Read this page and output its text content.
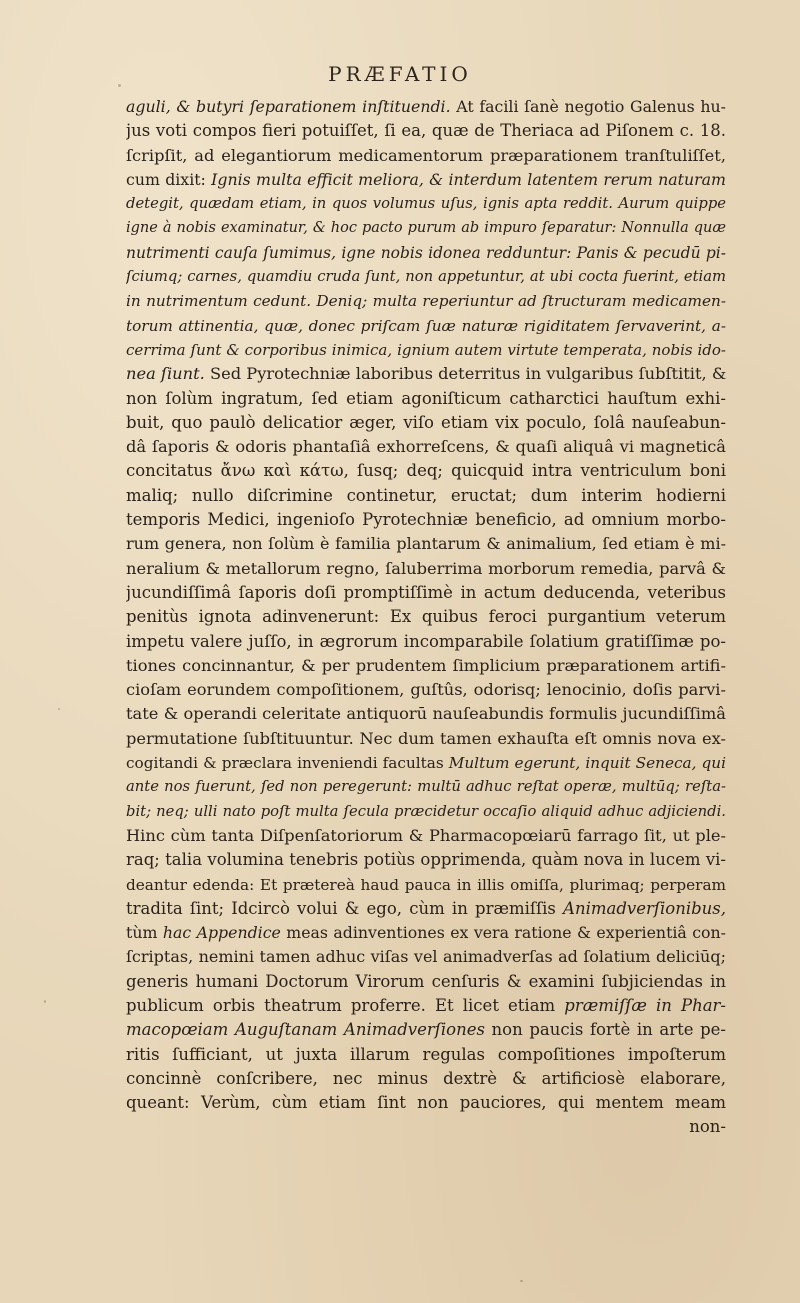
PRÆFATIO
aguli, & butyri ſeparationem inſtituendi. At facili ſanè negotio Galenus hu-
jus voti compos fieri potuiſſet, ſi ea, quæ de Theriaca ad Piſonem c. 18.
ſcripſit, ad elegantiorum medicamentorum præparationem tranſtuliſſet,
cum dixit: Ignis multa efficit meliora, & interdum latentem rerum naturam
detegit, quædam etiam, in quos volumus uſus, ignis apta reddit. Aurum quippe
igne à nobis examinatur, & hoc pacto purum ab impuro ſeparatur: Nonnulla quæ
nutrimenti cauſa ſumimus, igne nobis idonea redduntur: Panis & pecudū pi-
ſciumq; carnes, quamdiu cruda ſunt, non appetuntur, at ubi cocta fuerint, etiam
in nutrimentum cedunt. Deniq; multa reperiuntur ad ſtructuram medicamen-
torum attinentia, quæ, donec priſcam ſuæ naturæ rigiditatem ſervaverint, a-
cerrima ſunt & corporibus inimica, ignium autem virtute temperata, nobis ido-
nea ſiunt. Sed Pyrotechniæ laboribus deterritus in vulgaribus ſubſtitit, &
non ſolùm ingratum, ſed etiam agoniſticum catharctici hauſtum exhi-
buit, quo paulò delicatior æger, viſo etiam vix poculo, ſolâ nauſeabun-
dâ ſaporis & odoris phantaſiâ exhorreſcens, & quaſi aliquâ vi magneticâ
concitatus ἄνω καὶ κάτω, ſusq; deq; quicquid intra ventriculum boni
maliq; nullo diſcrimine continetur, eructat; dum interim hodierni
temporis Medici, ingenioſo Pyrotechniæ beneficio, ad omnium morbo-
rum genera, non ſolùm è familia plantarum & animalium, ſed etiam è mi-
neralium & metallorum regno, ſaluberrima morborum remedia, parvâ &
jucundiſſimâ ſaporis doſi promptiſſimè in actum deducenda, veteribus
penitùs ignota adinvenerunt: Ex quibus feroci purgantium veterum
impetu valere juſſo, in ægrorum incomparabile ſolatium gratiſſimæ po-
tiones concinnantur, & per prudentem ſimplicium præparationem artifi-
cioſam eorundem compoſitionem, guſtûs, odorisq; lenocinio, doſis parvi-
tate & operandi celeritate antiquorū nauſeabundis formulis jucundiſſimâ
permutatione ſubſtituuntur. Nec dum tamen exhauſta eſt omnis nova ex-
cogitandi & præclara inveniendi facultas Multum egerunt, inquit Seneca, qui
ante nos fuerunt, ſed non peregerunt: multū adhuc reſtat operæ, multūq; reſta-
bit; neq; ulli nato poſt multa ſecula præcidetur occaſio aliquid adhuc adjiciendi.
Hinc cùm tanta Diſpenſatoriorum & Pharmacopœiarū farrago ſit, ut ple-
raq; talia volumina tenebris potiùs opprimenda, quàm nova in lucem vi-
deantur edenda: Et prætereà haud pauca in illis omiſſa, plurimaq; perperam
tradita ſint; Idcircò volui & ego, cùm in præmiſſis Animadverſionibus,
tùm hac Appendice meas adinventiones ex vera ratione & experientiâ con-
ſcriptas, nemini tamen adhuc viſas vel animadverſas ad ſolatium deliciūq;
generis humani Doctorum Virorum cenſuris & examini ſubjiciendas in
publicum orbis theatrum proferre. Et licet etiam præmiſſæ in Phar-
macopœiam Auguſtanam Animadverſiones non paucis fortè in arte pe-
ritis ſufficiant, ut juxta illarum regulas compoſitiones impoſterum
concinnè conſcribere, nec minus dextrè & artificiosè elaborare,
queant: Verùm, cùm etiam ſint non pauciores, qui mentem meam
non-
